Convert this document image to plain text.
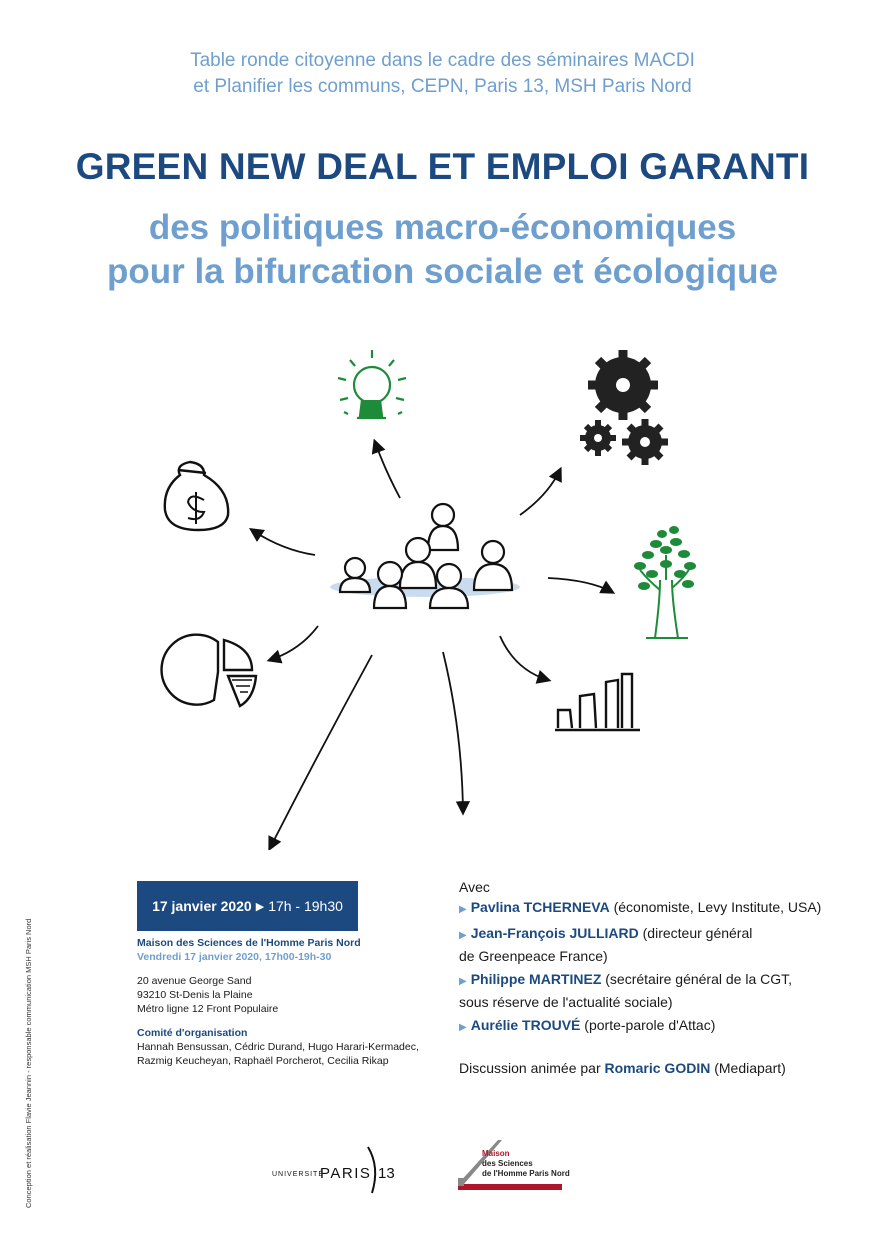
Table ronde citoyenne dans le cadre des séminaires MACDI
et Planifier les communs, CEPN, Paris 13, MSH Paris Nord
GREEN NEW DEAL ET EMPLOI GARANTI
des politiques macro-économiques
pour la bifurcation sociale et écologique
17 janvier 2020 ▶ 17h - 19h30
Maison des Sciences de l'Homme Paris Nord
Vendredi 17 janvier 2020, 17h00-19h-30
20 avenue George Sand
93210 St-Denis la Plaine
Métro ligne 12 Front Populaire
Comité d'organisation
Hannah Bensussan, Cédric Durand, Hugo Harari-Kermadec,
Razmig Keucheyan, Raphaël Porcherot, Cecilia Rikap
Avec
▶ Pavlina TCHERNEVA (économiste, Levy Institute, USA)
▶ Jean-François JULLIARD (directeur général
de Greenpeace France)
▶ Philippe MARTINEZ (secrétaire général de la CGT,
sous réserve de l'actualité sociale)
▶ Aurélie TROUVÉ (porte-parole d'Attac)
Discussion animée par Romaric GODIN (Mediapart)
Conception et réalisation Flavie Jeannin - responsable communication MSH Paris Nord	UNIVERSITÉ
PARIS 13
Maison
des Sciences
de l'Homme Paris Nord
